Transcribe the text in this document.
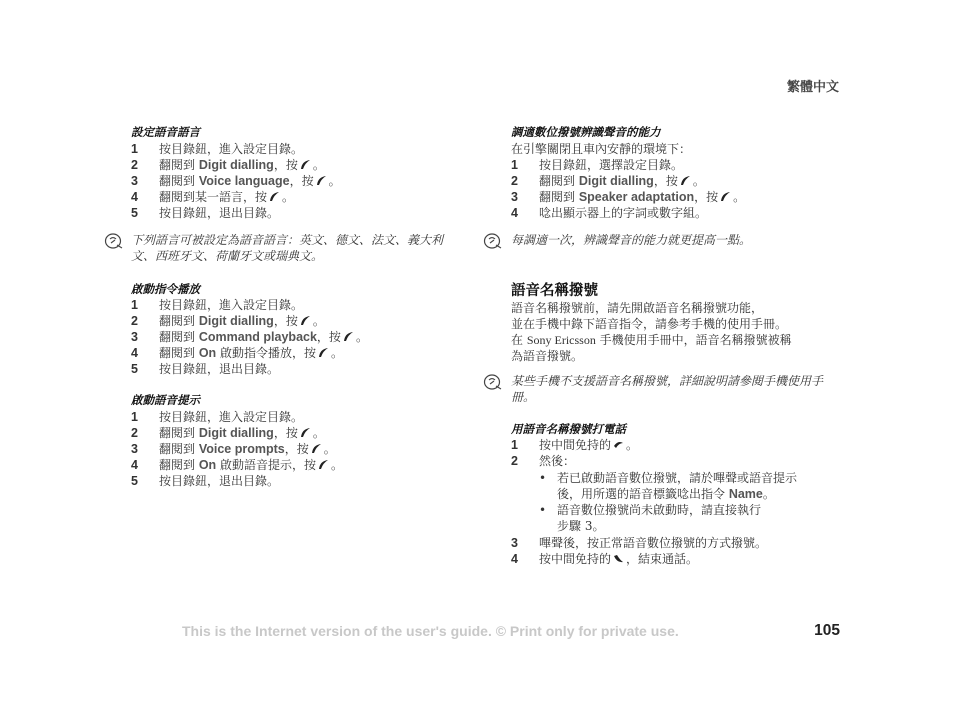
繁體中文
設定語音語言
1	按目錄鈕，進入設定目錄。
2	翻閱到 Digit dialling，按 。
3	翻閱到 Voice language，按 。
4	翻閱到某一語言，按 。
5	按目錄鈕，退出目錄。
下列語言可被設定為語音語言：英文、德文、法文、義大利文、西班牙文、荷蘭牙文或瑞典文。
啟動指令播放
1	按目錄鈕，進入設定目錄。
2	翻閱到 Digit dialling，按 。
3	翻閱到 Command playback，按 。
4	翻閱到 On 啟動指令播放，按 。
5	按目錄鈕，退出目錄。
啟動語音提示
1	按目錄鈕，進入設定目錄。
2	翻閱到 Digit dialling，按 。
3	翻閱到 Voice prompts，按 。
4	翻閱到 On 啟動語音提示，按 。
5	按目錄鈕，退出目錄。
調適數位撥號辨識聲音的能力
在引擎關閉且車內安靜的環境下：
1	按目錄鈕，選擇設定目錄。
2	翻閱到 Digit dialling，按 。
3	翻閱到 Speaker adaptation，按 。
4	唸出顯示器上的字詞或數字組。
每調適一次，辨識聲音的能力就更提高一點。
語音名稱撥號
語音名稱撥號前，請先開啟語音名稱撥號功能，
並在手機中錄下語音指令，請參考手機的使用手冊。
在 Sony Ericsson 手機使用手冊中，語音名稱撥號被稱
為語音撥號。
某些手機不支援語音名稱撥號，詳細說明請參閱手機使用手冊。
用語音名稱撥號打電話
1	按中間免持的 。
2	然後：
• 若已啟動語音數位撥號，請於嗶聲或語音提示
後，用所選的語音標籤唸出指令 Name。
• 語音數位撥號尚未啟動時，請直接執行
步驟 3。
3	嗶聲後，按正常語音數位撥號的方式撥號。
4	按中間免持的 ，結束通話。
This is the Internet version of the user's guide. © Print only for private use.	105
